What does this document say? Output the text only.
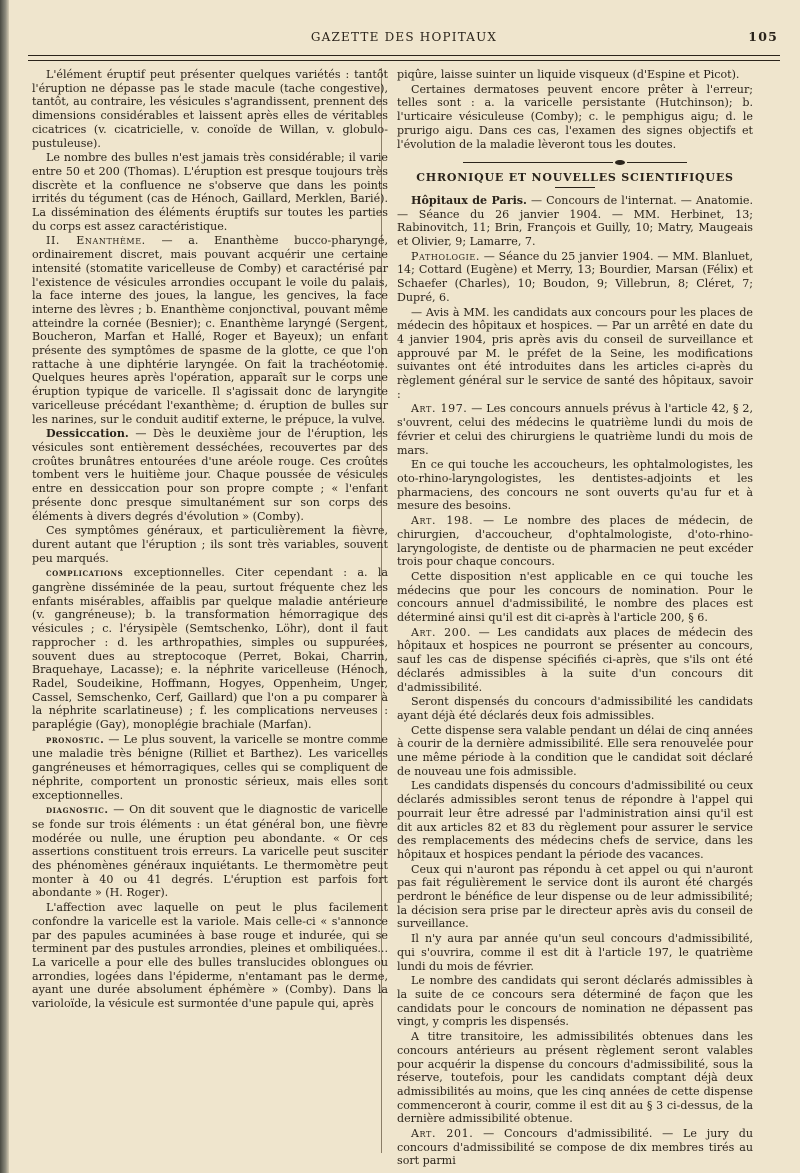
GAZETTE DES HOPITAUX	105

L'élément éruptif peut présenter quelques variétés : tantôt l'éruption ne dépasse pas le stade macule (tache congestive), tantôt, au contraire, les vésicules s'agrandissent, prennent des dimensions considérables et laissent après elles de véritables cicatrices (v. cicatricielle, v. conoïde de Willan, v. globulo-pustuleuse).

Le nombre des bulles n'est jamais très considérable; il varie entre 50 et 200 (Thomas). L'éruption est presque toujours très discrète et la confluence ne s'observe que dans les points irrités du tégument (cas de Hénoch, Gaillard, Merklen, Barié). La dissémination des éléments éruptifs sur toutes les parties du corps est assez caractéristique.

II. Enanthème. — a. Enanthème bucco-pharyngé, ordinairement discret, mais pouvant acquérir une certaine intensité (stomatite varicelleuse de Comby) et caractérisé par l'existence de vésicules arrondies occupant le voile du palais, la face interne des joues, la langue, les gencives, la face interne des lèvres ; b. Enanthème conjonctival, pouvant même atteindre la cornée (Besnier); c. Enanthème laryngé (Sergent, Boucheron, Marfan et Hallé, Roger et Bayeux); un enfant présente des symptômes de spasme de la glotte, ce que l'on rattache à une diphtérie laryngée. On fait la trachéotomie. Quelques heures après l'opération, apparaît sur le corps une éruption typique de varicelle. Il s'agissait donc de laryngite varicelleuse précédant l'exanthème; d. éruption de bulles sur les narines, sur le conduit auditif externe, le prépuce, la vulve.

Dessiccation. — Dès le deuxième jour de l'éruption, les vésicules sont entièrement desséchées, recouvertes par des croûtes brunâtres entourées d'une aréole rouge. Ces croûtes tombent vers le huitième jour. Chaque poussée de vésicules entre en dessiccation pour son propre compte ; « l'enfant présente donc presque simultanément sur son corps des éléments à divers degrés d'évolution » (Comby).

Ces symptômes généraux, et particulièrement la fièvre, durent autant que l'éruption ; ils sont très variables, souvent peu marqués.

complications exceptionnelles. Citer cependant : a. la gangrène disséminée de la peau, surtout fréquente chez les enfants misérables, affaiblis par quelque maladie antérieure (v. gangréneuse); b. la transformation hémorragique des vésicules ; c. l'érysipèle (Semtschenko, Löhr), dont il faut rapprocher : d. les arthropathies, simples ou suppurées, souvent dues au streptocoque (Perret, Bokai, Charrin, Braquehaye, Lacasse); e. la néphrite varicelleuse (Hénoch, Radel, Soudeikine, Hoffmann, Hogyes, Oppenheim, Unger, Cassel, Semschenko, Cerf, Gaillard) que l'on a pu comparer à la néphrite scarlatineuse) ; f. les complications nerveuses : paraplégie (Gay), monoplégie brachiale (Marfan).

pronostic. — Le plus souvent, la varicelle se montre comme une maladie très bénigne (Rilliet et Barthez). Les varicelles gangréneuses et hémorragiques, celles qui se compliquent de néphrite, comportent un pronostic sérieux, mais elles sont exceptionnelles.

diagnostic. — On dit souvent que le diagnostic de varicelle se fonde sur trois éléments : un état général bon, une fièvre modérée ou nulle, une éruption peu abondante. « Or ces assertions constituent trois erreurs. La varicelle peut susciter des phénomènes généraux inquiétants. Le thermomètre peut monter à 40 ou 41 degrés. L'éruption est parfois fort abondante » (H. Roger).

L'affection avec laquelle on peut le plus facilement confondre la varicelle est la variole. Mais celle-ci « s'annonce par des papules acuminées à base rouge et indurée, qui se terminent par des pustules arrondies, pleines et ombiliquées... La varicelle a pour elle des bulles translucides oblongues ou arrondies, logées dans l'épiderme, n'entamant pas le derme, ayant une durée absolument éphémère » (Comby). Dans la varioloïde, la vésicule est surmontée d'une papule qui, après

piqûre, laisse suinter un liquide visqueux (d'Espine et Picot).

Certaines dermatoses peuvent encore prêter à l'erreur; telles sont : a. la varicelle persistante (Hutchinson); b. l'urticaire vésiculeuse (Comby); c. le pemphigus aigu; d. le prurigo aigu. Dans ces cas, l'examen des signes objectifs et l'évolution de la maladie lèveront tous les doutes.

CHRONIQUE ET NOUVELLES SCIENTIFIQUES

Hôpitaux de Paris. — Concours de l'internat. — Anatomie. — Séance du 26 janvier 1904. — MM. Herbinet, 13; Rabinovitch, 11; Brin, François et Guilly, 10; Matry, Maugeais et Olivier, 9; Lamarre, 7.

Pathologie. — Séance du 25 janvier 1904. — MM. Blanluet, 14; Cottard (Eugène) et Merry, 13; Bourdier, Marsan (Félix) et Schaefer (Charles), 10; Boudon, 9; Villebrun, 8; Cléret, 7; Dupré, 6.

— Avis à MM. les candidats aux concours pour les places de médecin des hôpitaux et hospices. — Par un arrêté en date du 4 janvier 1904, pris après avis du conseil de surveillance et approuvé par M. le préfet de la Seine, les modifications suivantes ont été introduites dans les articles ci-après du règlement général sur le service de santé des hôpitaux, savoir :

Art. 197. — Les concours annuels prévus à l'article 42, § 2, s'ouvrent, celui des médecins le quatrième lundi du mois de février et celui des chirurgiens le quatrième lundi du mois de mars.

En ce qui touche les accoucheurs, les ophtalmologistes, les oto-rhino-laryngologistes, les dentistes-adjoints et les pharmaciens, des concours ne sont ouverts qu'au fur et à mesure des besoins.

Art. 198. — Le nombre des places de médecin, de chirurgien, d'accoucheur, d'ophtalmologiste, d'oto-rhino-laryngologiste, de dentiste ou de pharmacien ne peut excéder trois pour chaque concours.

Cette disposition n'est applicable en ce qui touche les médecins que pour les concours de nomination. Pour le concours annuel d'admissibilité, le nombre des places est déterminé ainsi qu'il est dit ci-après à l'article 200, § 6.

Art. 200. — Les candidats aux places de médecin des hôpitaux et hospices ne pourront se présenter au concours, sauf les cas de dispense spécifiés ci-après, que s'ils ont été déclarés admissibles à la suite d'un concours dit d'admissibilité.

Seront dispensés du concours d'admissibilité les candidats ayant déjà été déclarés deux fois admissibles.

Cette dispense sera valable pendant un délai de cinq années à courir de la dernière admissibilité. Elle sera renouvelée pour une même période à la condition que le candidat soit déclaré de nouveau une fois admissible.

Les candidats dispensés du concours d'admissibilité ou ceux déclarés admissibles seront tenus de répondre à l'appel qui pourrait leur être adressé par l'administration ainsi qu'il est dit aux articles 82 et 83 du règlement pour assurer le service des remplacements des médecins chefs de service, dans les hôpitaux et hospices pendant la période des vacances.

Ceux qui n'auront pas répondu à cet appel ou qui n'auront pas fait régulièrement le service dont ils auront été chargés perdront le bénéfice de leur dispense ou de leur admissibilité; la décision sera prise par le directeur après avis du conseil de surveillance.

Il n'y aura par année qu'un seul concours d'admissibilité, qui s'ouvrira, comme il est dit à l'article 197, le quatrième lundi du mois de février.

Le nombre des candidats qui seront déclarés admissibles à la suite de ce concours sera déterminé de façon que les candidats pour le concours de nomination ne dépassent pas vingt, y compris les dispensés.

A titre transitoire, les admissibilités obtenues dans les concours antérieurs au présent règlement seront valables pour acquérir la dispense du concours d'admissibilité, sous la réserve, toutefois, pour les candidats comptant déjà deux admissibilités au moins, que les cinq années de cette dispense commenceront à courir, comme il est dit au § 3 ci-dessus, de la dernière admissibilité obtenue.

Art. 201. — Concours d'admissibilité. — Le jury du concours d'admissibilité se compose de dix membres tirés au sort parmi
